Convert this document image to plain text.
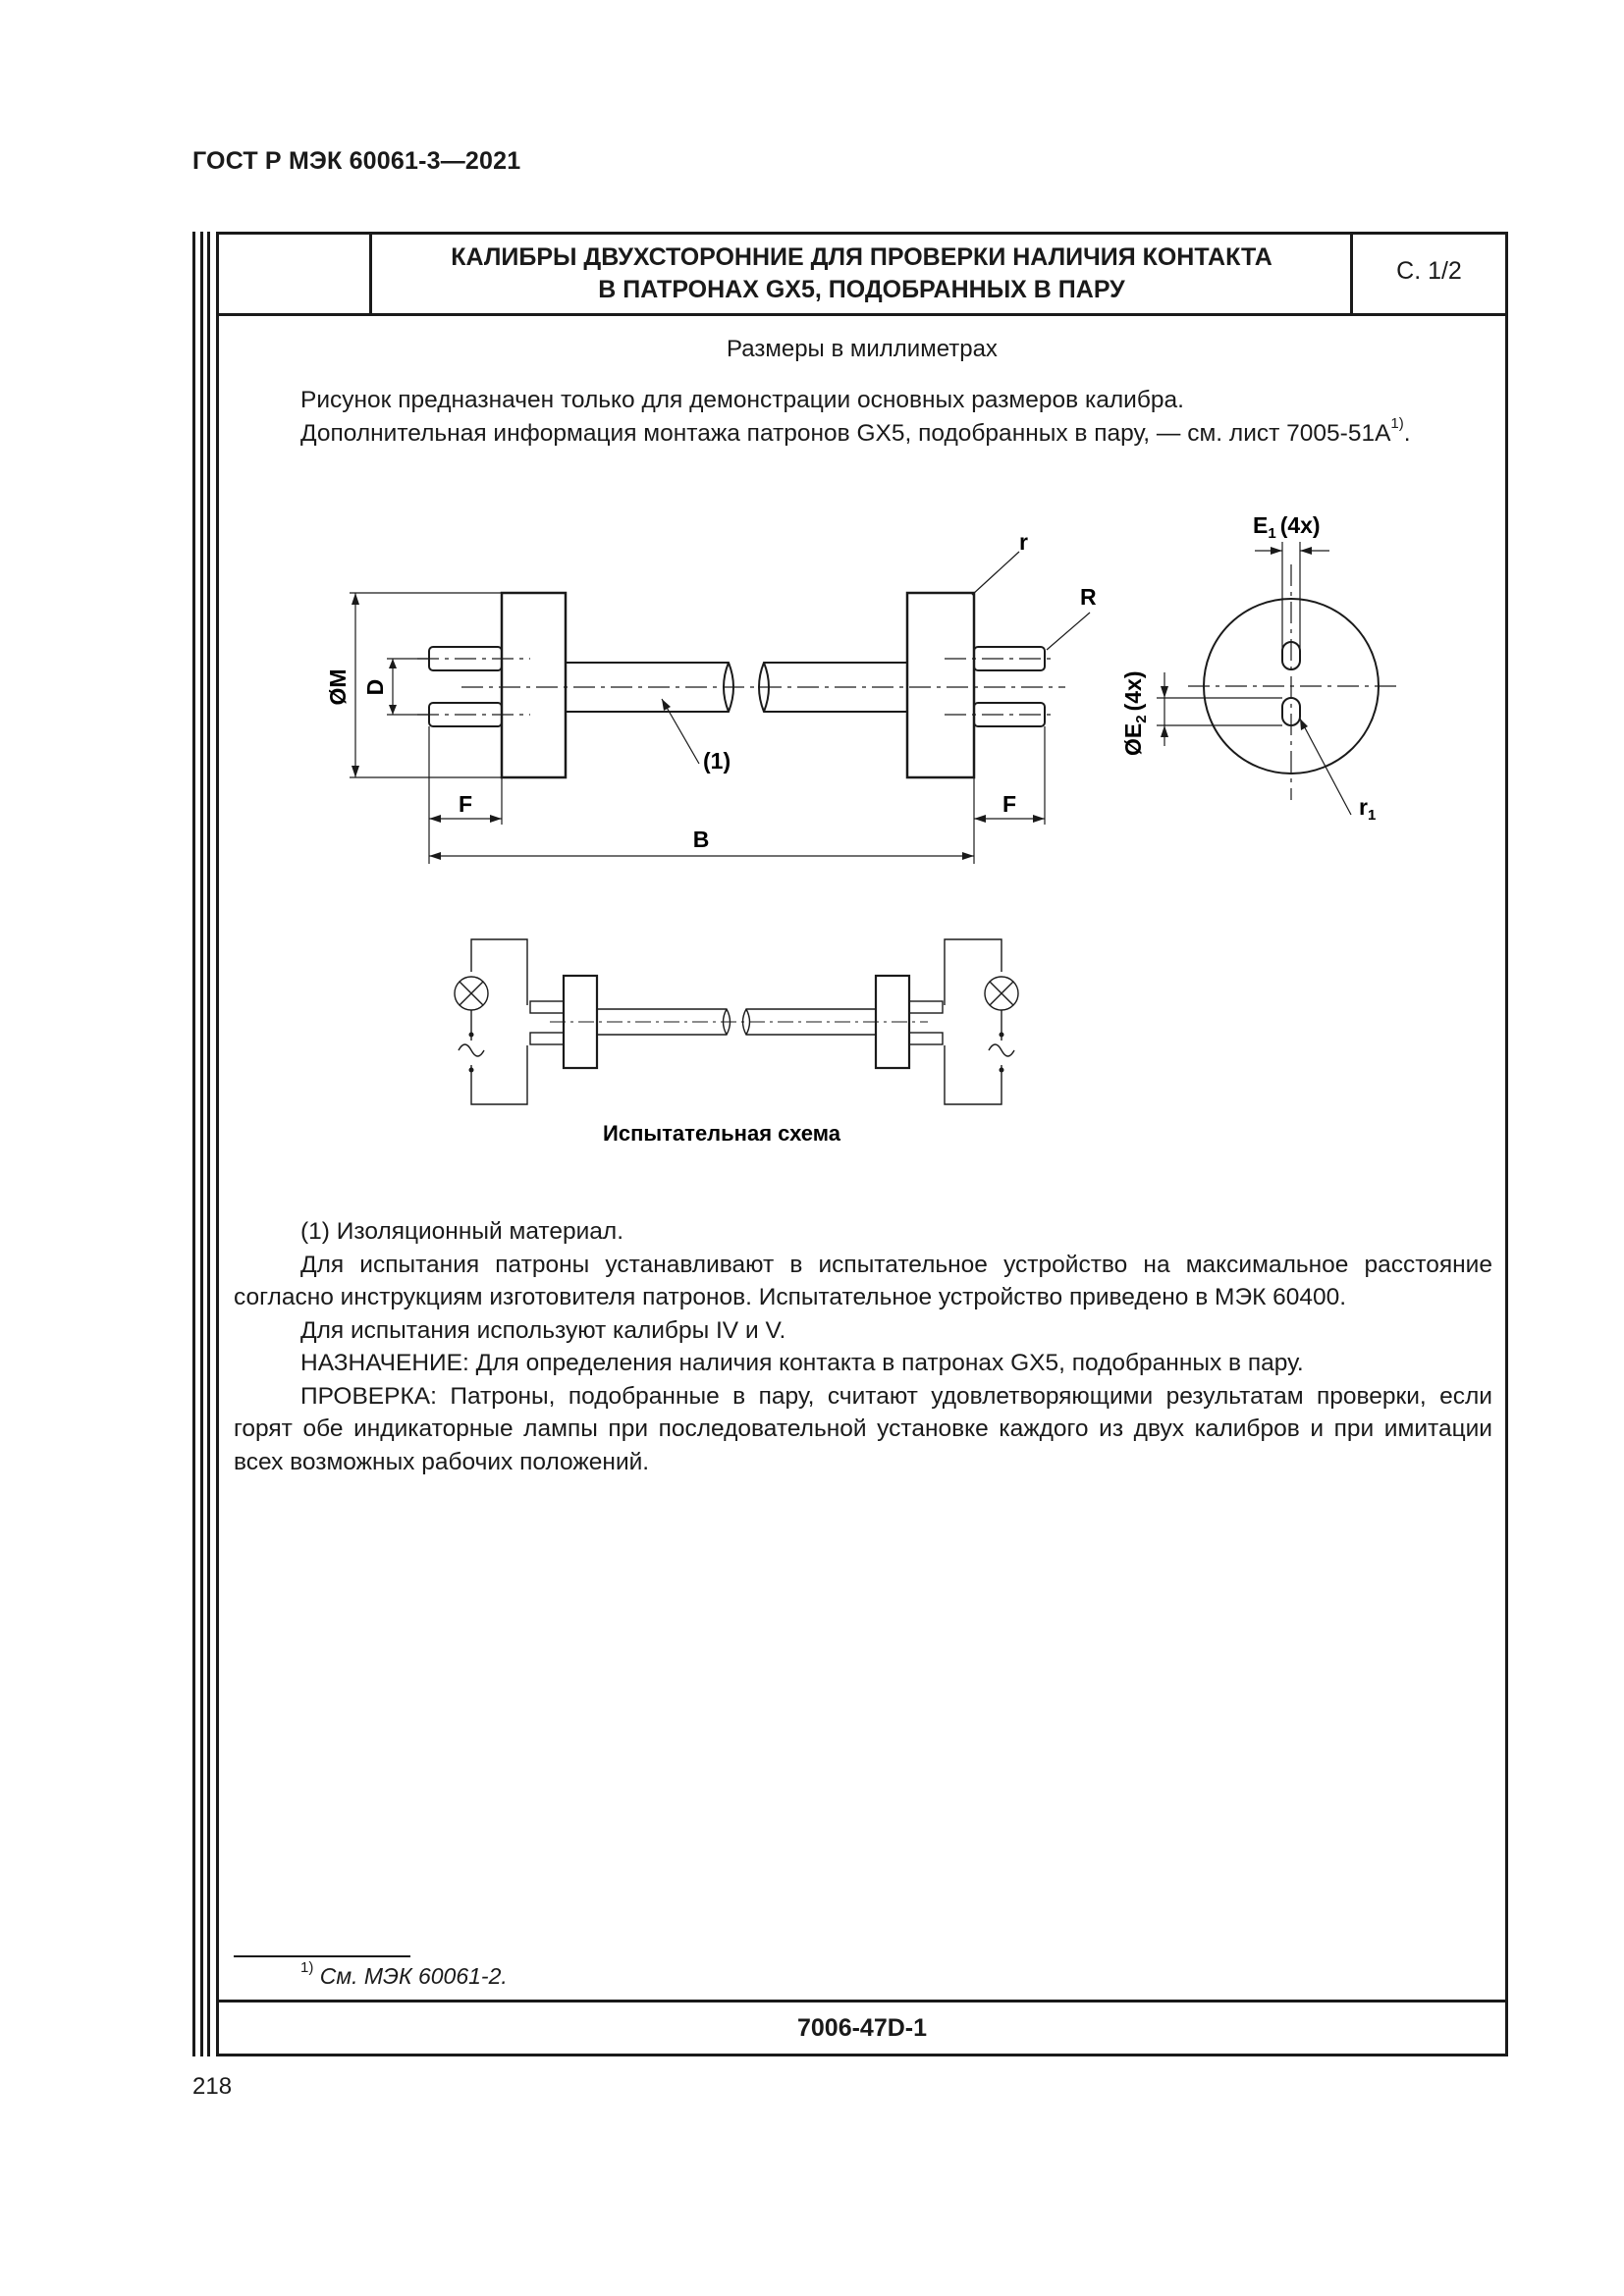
ГОСТ Р МЭК 60061-3—2021
КАЛИБРЫ ДВУХСТОРОННИЕ ДЛЯ ПРОВЕРКИ НАЛИЧИЯ КОНТАКТА
В ПАТРОНАХ GX5, ПОДОБРАННЫХ В ПАРУ
С. 1/2
Размеры в миллиметрах

Рисунок предназначен только для демонстрации основных размеров калибра.

Дополнительная информация монтажа патронов GX5, подобранных в пару, — см. лист $7005-51A^{1)}$.

r
R
ØM D
F	F
B
(1)
$E_1$ (4x)
$ØE_2(4x)$
$r_1$
Испытательная схема

(1) Изоляционный материал.

Для испытания патроны устанавливают в испытательное устройство на максимальное расстояние согласно инструкциям изготовителя патронов. Испытательное устройство приведено в МЭК 60400.

Для испытания используют калибры IV и V.

НАЗНАЧЕНИЕ: Для определения наличия контакта в патронах GX5, подобранных в пару.

ПРОВЕРКА: Патроны, подобранные в пару, считают удовлетворяющими результатам проверки, если горят обе индикаторные лампы при последовательной установке каждого из двух калибров и при имитации всех возможных рабочих положений.

$^{1)}$ См. МЭК 60061-2.
7006-47D-1
218
